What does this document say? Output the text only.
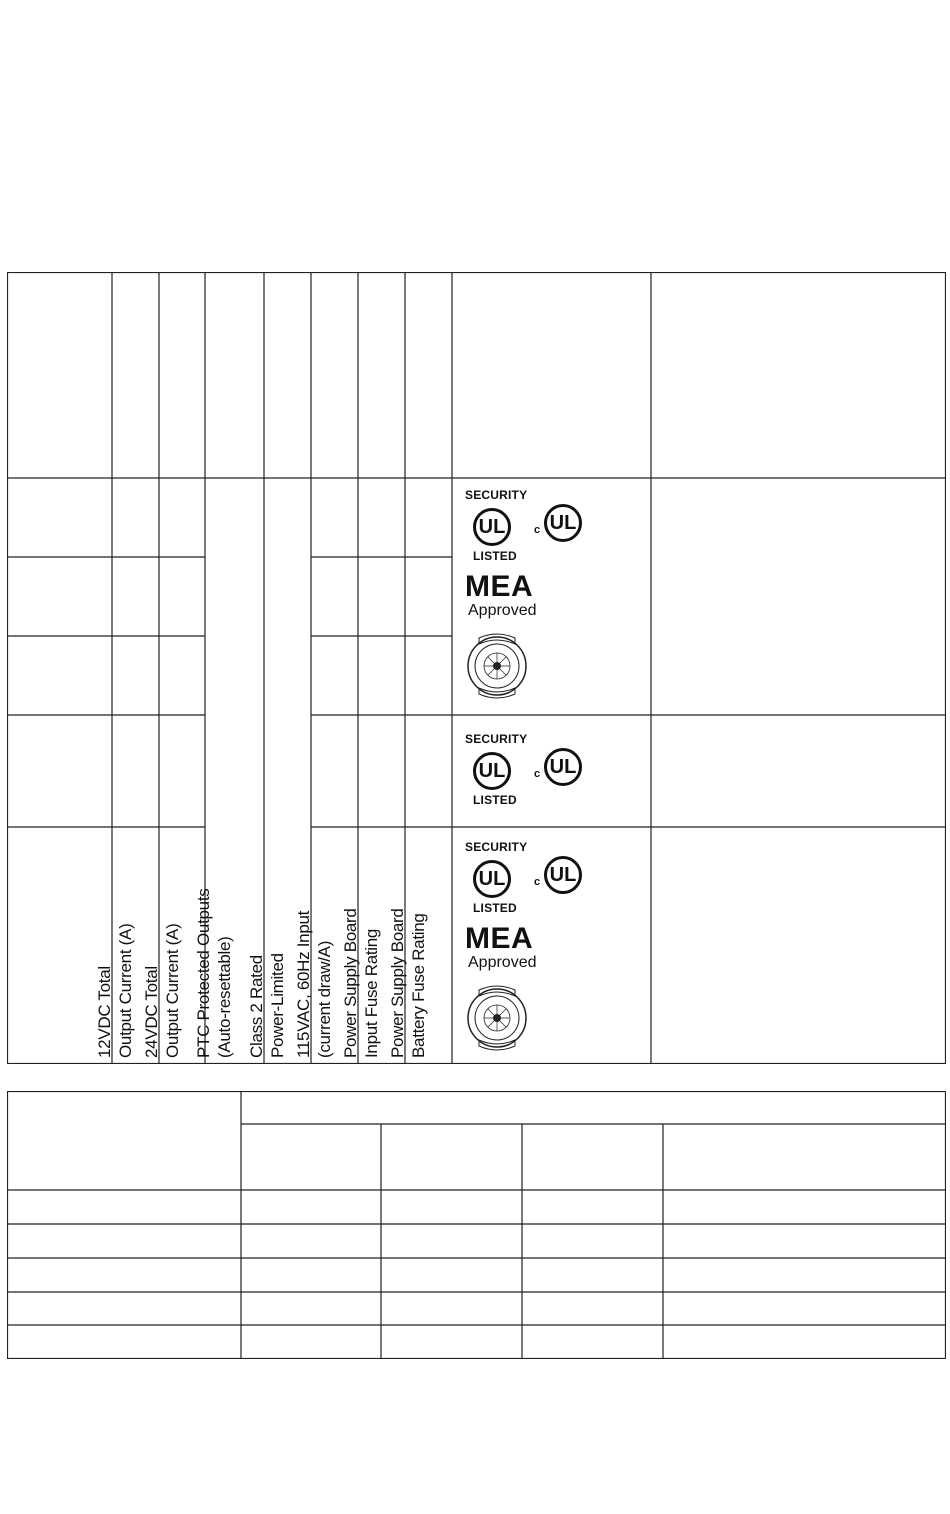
12VDC Total Output Current (A) 24VDC Total Output Current (A) PTC Protected Outputs (Auto-resettable) Class 2 Rated Power-Limited 115VAC, 60Hz Input (current draw/A) Power Supply Board Input Fuse Rating Power Supply Board Battery Fuse Rating
SECURITY
UL
LISTED
c UL
MEA
Approved
SECURITY
UL
LISTED
c UL
SECURITY
UL
LISTED
c UL
MEA
Approved
